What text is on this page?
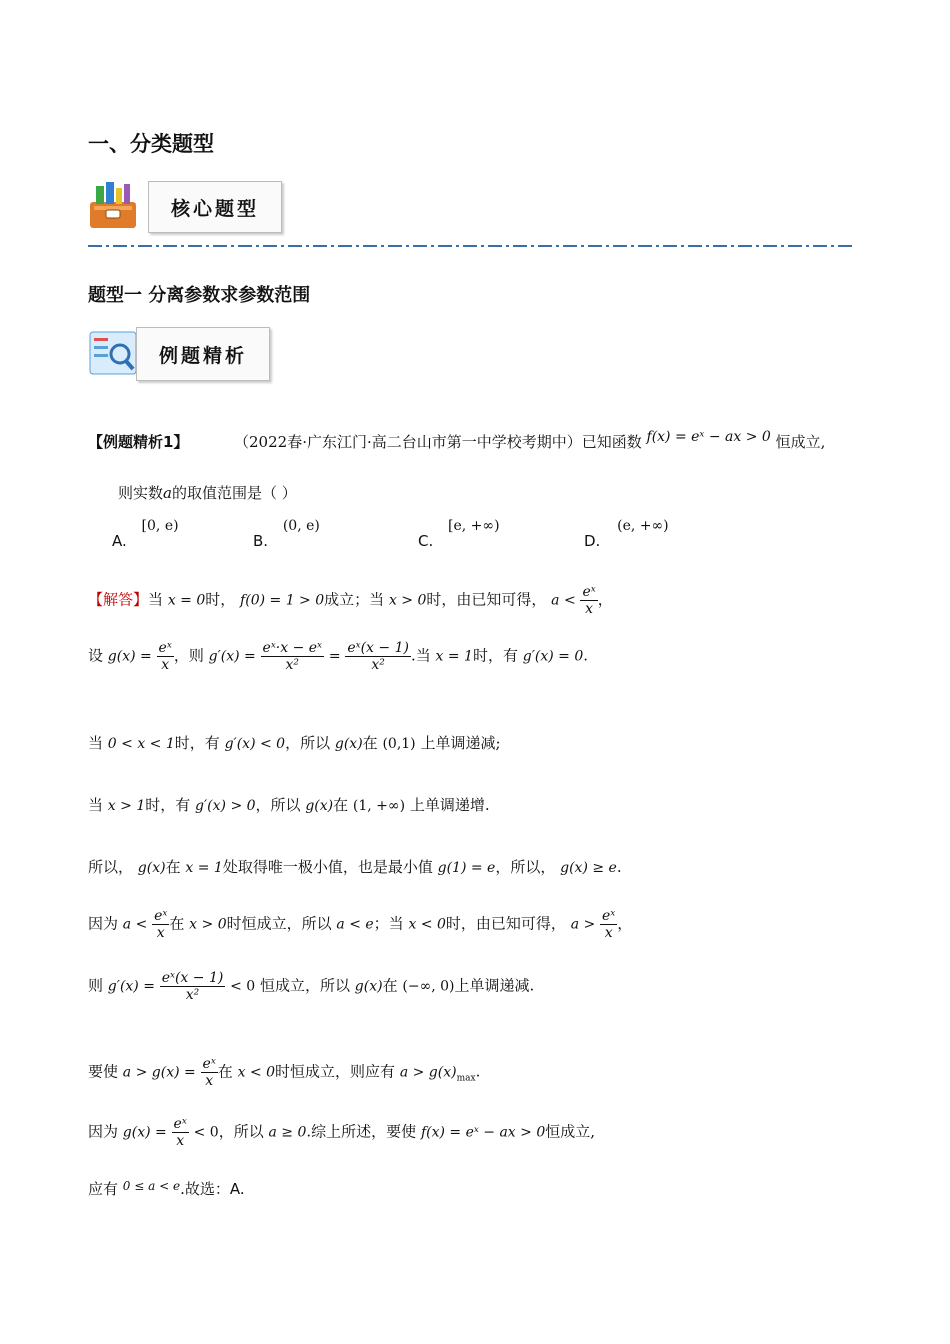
一、分类题型
核心题型
题型一 分离参数求参数范围
例题精析
【例题精析1】	（2022春·广东江门·高二台山市第一中学校考期中）已知函数 f(x) = eˣ − ax > 0 恒成立,
则实数a的取值范围是（ ）
A. [0, e)
B. (0, e)
C. [e, +∞)
D. (e, +∞)
【解答】当 x = 0时， f(0) = 1 > 0成立；当 x > 0时，由已知可得， $a < \frac{\text{eˣ}}{x}$ ，
设 $g(x) = \frac{\text{eˣ}}{x}$ ，则 $g'(x) = \frac{\text{eˣ·x − eˣ}}{\text{x²}} = \frac{\text{eˣ(x − 1)}}{\text{x²}}$ .当 x = 1时，有 g′(x) = 0.
当 0 < x < 1时，有 g′(x) < 0，所以 g(x)在 (0,1) 上单调递减;
当 x > 1时，有 g′(x) > 0，所以 g(x)在 (1, +∞) 上单调递增.
所以， g(x)在 x = 1处取得唯一极小值，也是最小值 g(1) = e，所以， g(x) ≥ e.
因为 $a < \frac{\text{eˣ}}{x}$ 在 x > 0时恒成立，所以 a < e；当 x < 0时，由已知可得， $a > \frac{\text{eˣ}}{x}$ ，
则 $g'(x) = \frac{\text{eˣ(x − 1)}}{\text{x²}} < 0$ 恒成立，所以 g(x)在 (−∞, 0)上单调递减.
要使 $a > g(x) = \frac{\text{eˣ}}{x}$ 在 x < 0时恒成立，则应有 $a > g(x)_{max}$.
因为 $g(x) = \frac{\text{eˣ}}{x} < 0$，所以 a ≥ 0.综上所述，要使 f(x) = eˣ − ax > 0恒成立,
应有 $^{0 \le a < e}$.故选：A.
